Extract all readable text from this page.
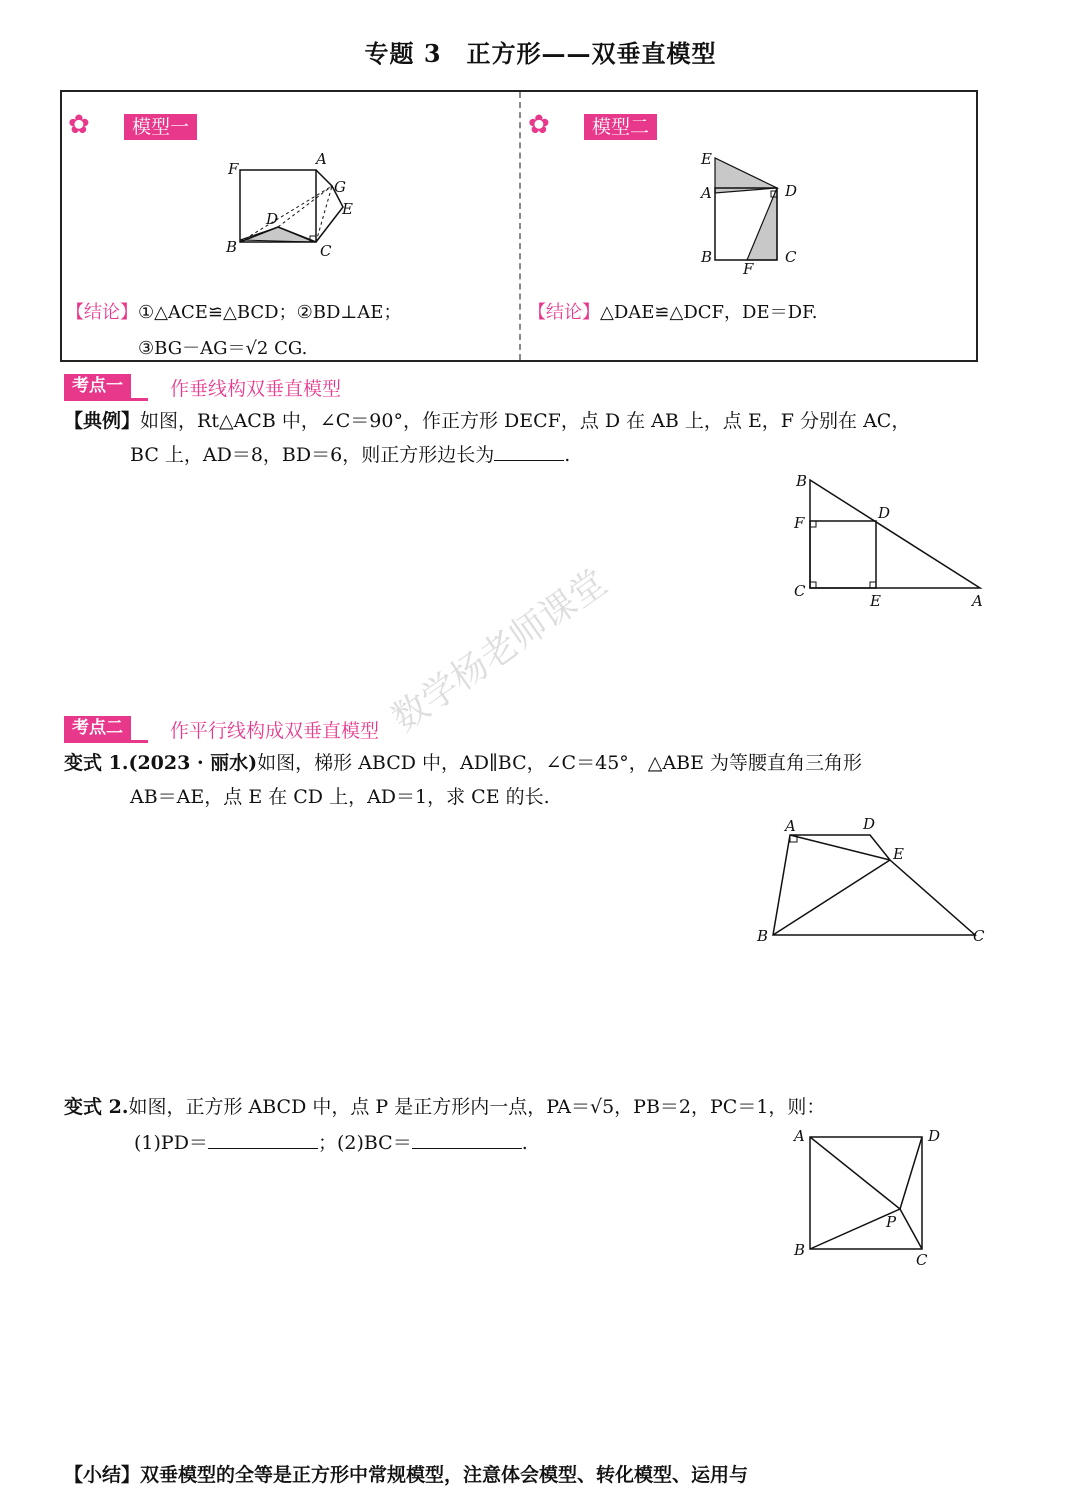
专题 3　正方形——双垂直模型
✿	模型一
F
A
G
E
D
B	C
【结论】①△ACE≌△BCD；②BD⊥AE；
③BG－AG＝√2 CG.
✿	模型二
E
A	D
B
F
C
【结论】△DAE≌△DCF，DE＝DF.
考点一	作垂线构双垂直模型
【典例】如图，Rt△ACB 中，∠C＝90°，作正方形 DECF，点 D 在 AB 上，点 E，F 分别在 AC，
BC 上，AD＝8，BD＝6，则正方形边长为	.
B
F
D
C
E	A
数学杨老师课堂
考点二	作平行线构成双垂直模型
变式 1.(2023 · 丽水)如图，梯形 ABCD 中，AD∥BC，∠C＝45°，△ABE 为等腰直角三角形
AB＝AE，点 E 在 CD 上，AD＝1，求 CE 的长.
A	D
E
B	C
变式 2.如图，正方形 ABCD 中，点 P 是正方形内一点，PA＝√5，PB＝2，PC＝1，则：
(1)PD＝	；(2)BC＝	.	A	D
P
B
C
【小结】双垂模型的全等是正方形中常规模型，注意体会模型、转化模型、运用与
